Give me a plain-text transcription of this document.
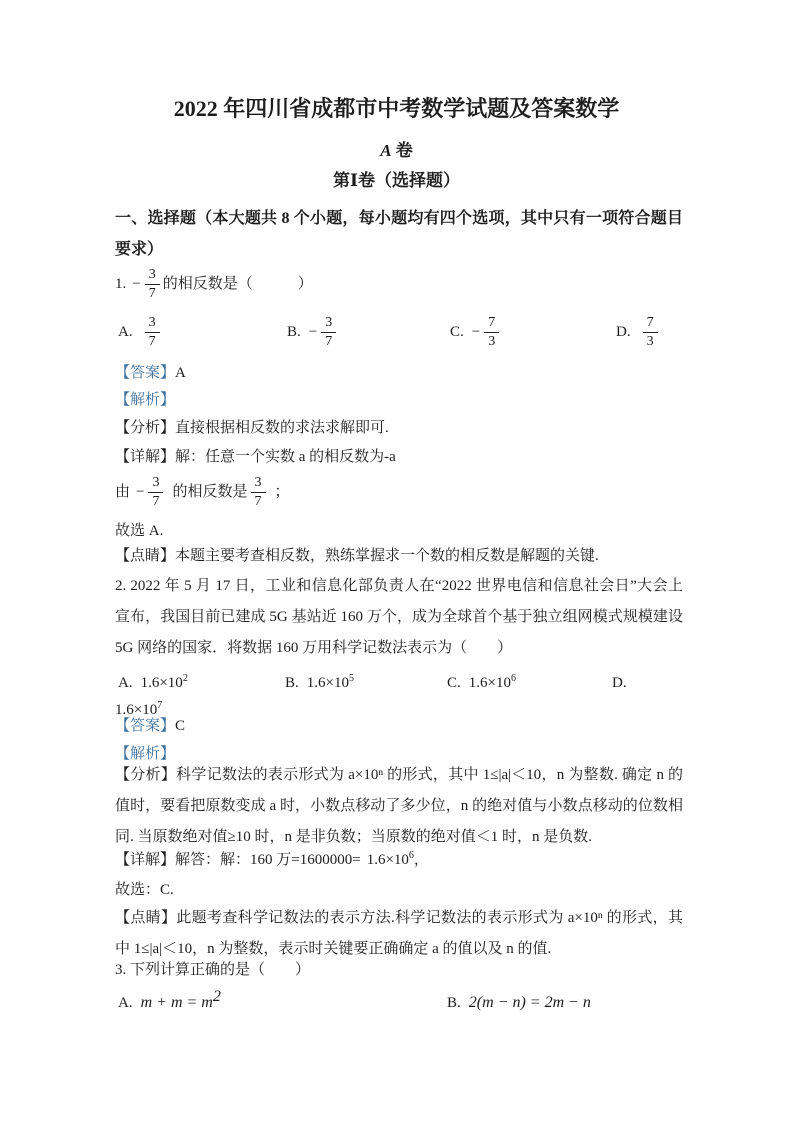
2022 年四川省成都市中考数学试题及答案数学
A 卷
第Ⅰ卷（选择题）
一、选择题（本大题共 8 个小题，每小题均有四个选项，其中只有一项符合题目要求）
1. − $\frac{3}{7}$ 的相反数是（　　　）
A. $\frac{3}{7}$	B. − $\frac{3}{7}$	C. − $\frac{7}{3}$	D. $\frac{7}{3}$
【答案】A
【解析】
【分析】直接根据相反数的求法求解即可.
【详解】解：任意一个实数 a 的相反数为-a
由 − $\frac{3}{7}$ 的相反数是 $\frac{3}{7}$ ；
故选 A.
【点睛】本题主要考查相反数，熟练掌握求一个数的相反数是解题的关键.
2. 2022 年 5 月 17 日，工业和信息化部负责人在“2022 世界电信和信息社会日”大会上宣布，我国目前已建成 5G 基站近 160 万个，成为全球首个基于独立组网模式规模建设 5G 网络的国家．将数据 160 万用科学记数法表示为（　　）
A. $1.6\times 10^2$	B. $1.6\times 10^5$	C. $1.6\times 10^6$	D.
$1.6\times 10^7$
【答案】C
【解析】
【分析】科学记数法的表示形式为 a×10ⁿ 的形式，其中 1≤|a|＜10，n 为整数. 确定 n 的值时，要看把原数变成 a 时，小数点移动了多少位，n 的绝对值与小数点移动的位数相同. 当原数绝对值≥10 时，n 是非负数；当原数的绝对值＜1 时，n 是负数.
【详解】解答：解：160 万$=1600000= 1.6\times 10^6$，
故选：C.
【点睛】此题考查科学记数法的表示方法.科学记数法的表示形式为 a×10ⁿ 的形式，其中 1≤|a|＜10，n 为整数，表示时关键要正确确定 a 的值以及 n 的值.
3. 下列计算正确的是（　　）
A. $m + m = m^2$	B. 2(m − n) = 2m − n
